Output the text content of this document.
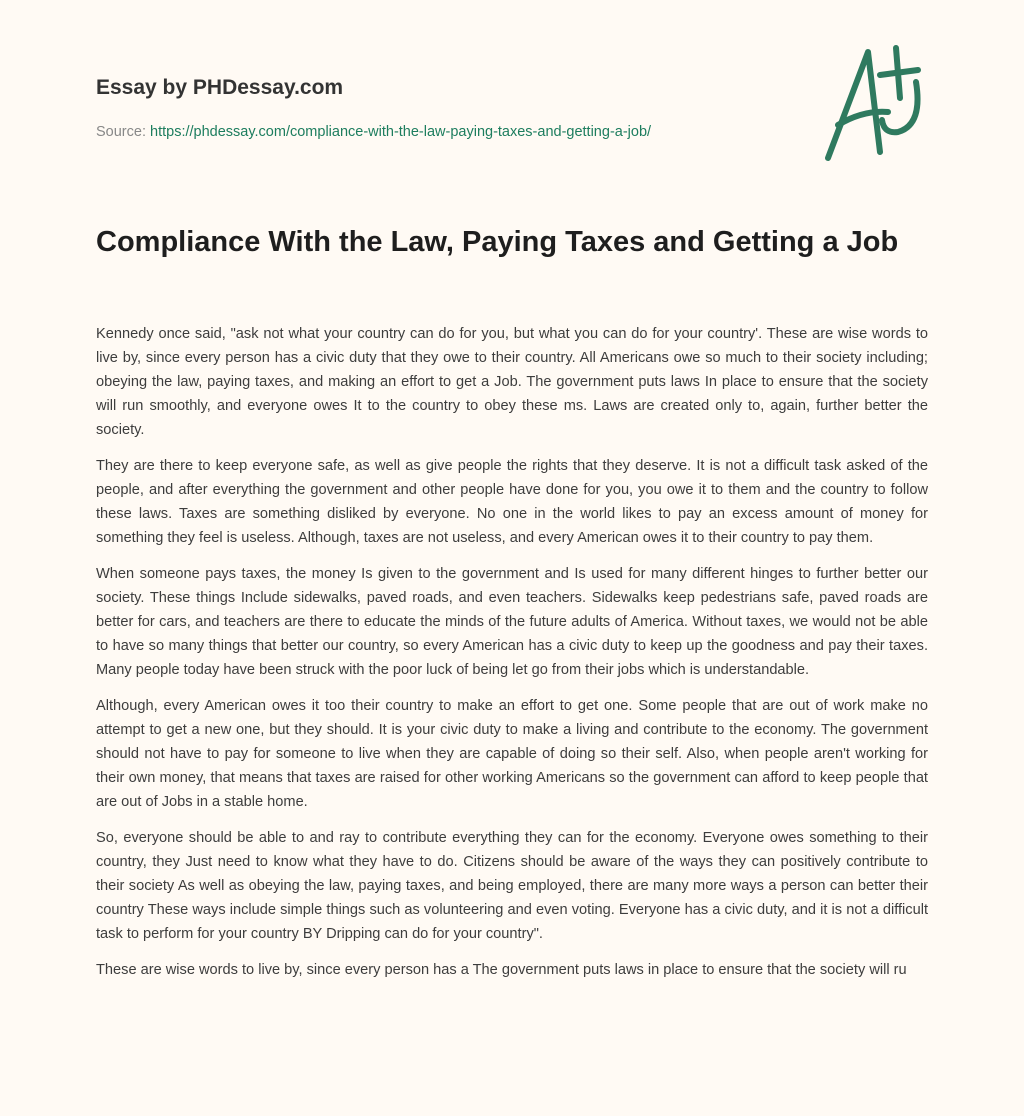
Essay by PHDessay.com
Source: https://phdessay.com/compliance-with-the-law-paying-taxes-and-getting-a-job/
Compliance With the Law, Paying Taxes and Getting a Job

Kennedy once said, "ask not what your country can do for you, but what you can do for your country'. These are wise words to live by, since every person has a civic duty that they owe to their country. All Americans owe so much to their society including; obeying the law, paying taxes, and making an effort to get a Job. The government puts laws In place to ensure that the society will run smoothly, and everyone owes It to the country to obey these ms. Laws are created only to, again, further better the society.

They are there to keep everyone safe, as well as give people the rights that they deserve. It is not a difficult task asked of the people, and after everything the government and other people have done for you, you owe it to them and the country to follow these laws. Taxes are something disliked by everyone. No one in the world likes to pay an excess amount of money for something they feel is useless. Although, taxes are not useless, and every American owes it to their country to pay them.

When someone pays taxes, the money Is given to the government and Is used for many different hinges to further better our society. These things Include sidewalks, paved roads, and even teachers. Sidewalks keep pedestrians safe, paved roads are better for cars, and teachers are there to educate the minds of the future adults of America. Without taxes, we would not be able to have so many things that better our country, so every American has a civic duty to keep up the goodness and pay their taxes. Many people today have been struck with the poor luck of being let go from their jobs which is understandable.

Although, every American owes it too their country to make an effort to get one. Some people that are out of work make no attempt to get a new one, but they should. It is your civic duty to make a living and contribute to the economy. The government should not have to pay for someone to live when they are capable of doing so their self. Also, when people aren't working for their own money, that means that taxes are raised for other working Americans so the government can afford to keep people that are out of Jobs in a stable home.

So, everyone should be able to and ray to contribute everything they can for the economy. Everyone owes something to their country, they Just need to know what they have to do. Citizens should be aware of the ways they can positively contribute to their society As well as obeying the law, paying taxes, and being employed, there are many more ways a person can better their country These ways include simple things such as volunteering and even voting. Everyone has a civic duty, and it is not a difficult task to perform for your country BY Dripping can do for your country".

These are wise words to live by, since every person has a The government puts laws in place to ensure that the society will ru
